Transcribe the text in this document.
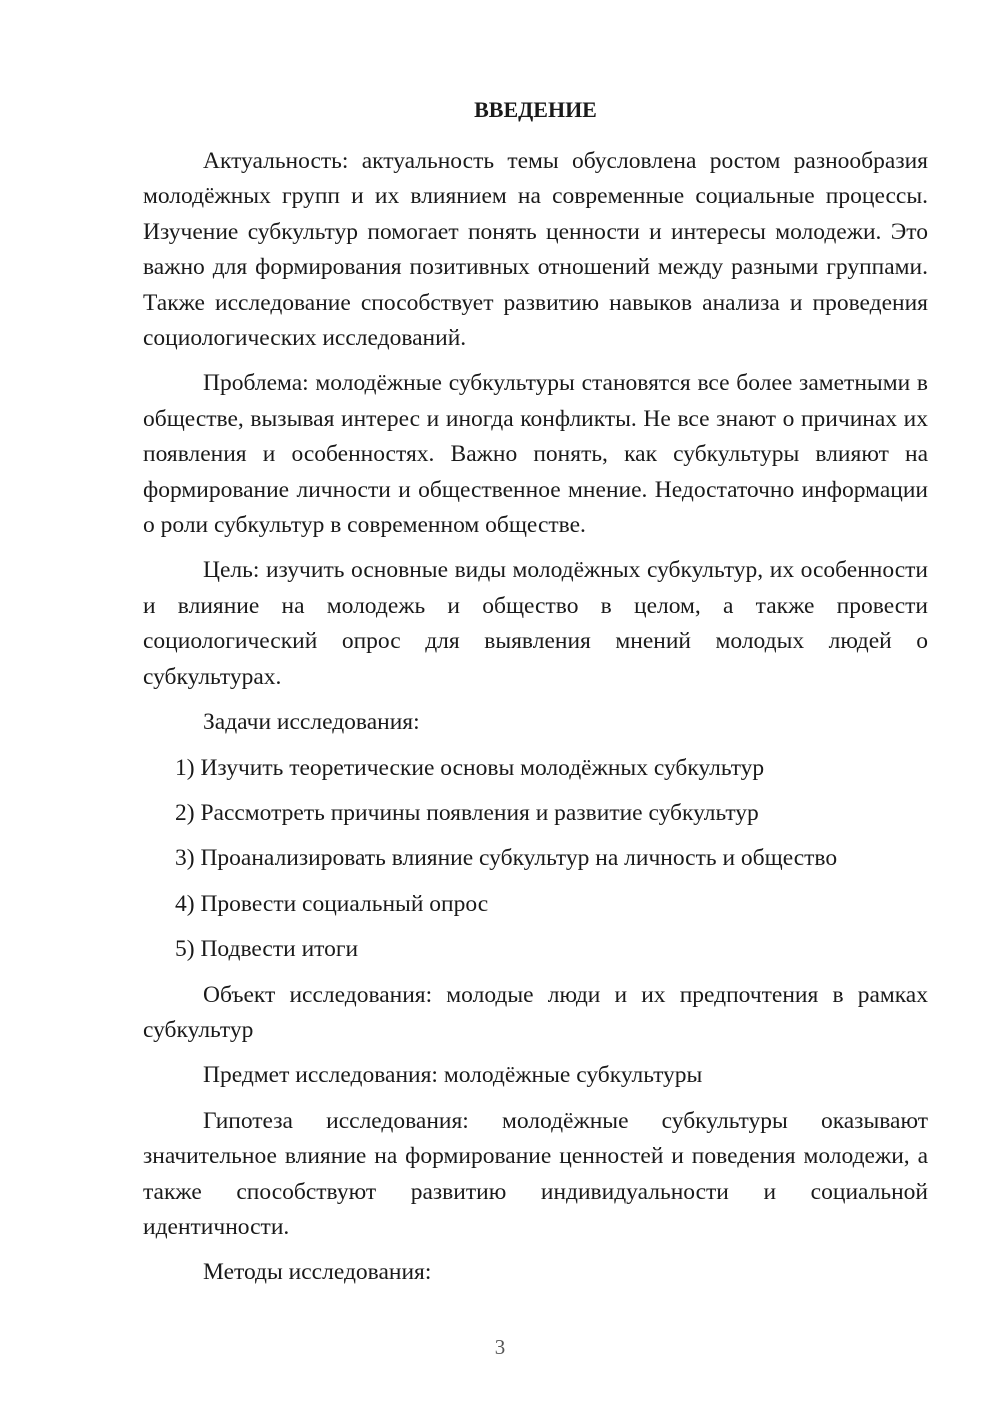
ВВЕДЕНИЕ

Актуальность: актуальность темы обусловлена ростом разнообразия молодёжных групп и их влиянием на современные социальные процессы. Изучение субкультур помогает понять ценности и интересы молодежи. Это важно для формирования позитивных отношений между разными группами. Также исследование способствует развитию навыков анализа и проведения социологических исследований.

Проблема: молодёжные субкультуры становятся все более заметными в обществе, вызывая интерес и иногда конфликты. Не все знают о причинах их появления и особенностях. Важно понять, как субкультуры влияют на формирование личности и общественное мнение. Недостаточно информации о роли субкультур в современном обществе.

Цель: изучить основные виды молодёжных субкультур, их особенности и влияние на молодежь и общество в целом, а также провести социологический опрос для выявления мнений молодых людей о субкультурах.

Задачи исследования:

1) Изучить теоретические основы молодёжных субкультур
2) Рассмотреть причины появления и развитие субкультур
3) Проанализировать влияние субкультур на личность и общество
4) Провести социальный опрос
5) Подвести итоги

Объект исследования: молодые люди и их предпочтения в рамках субкультур

Предмет исследования: молодёжные субкультуры

Гипотеза исследования: молодёжные субкультуры оказывают значительное влияние на формирование ценностей и поведения молодежи, а также способствуют развитию индивидуальности и социальной идентичности.

Методы исследования:

3
